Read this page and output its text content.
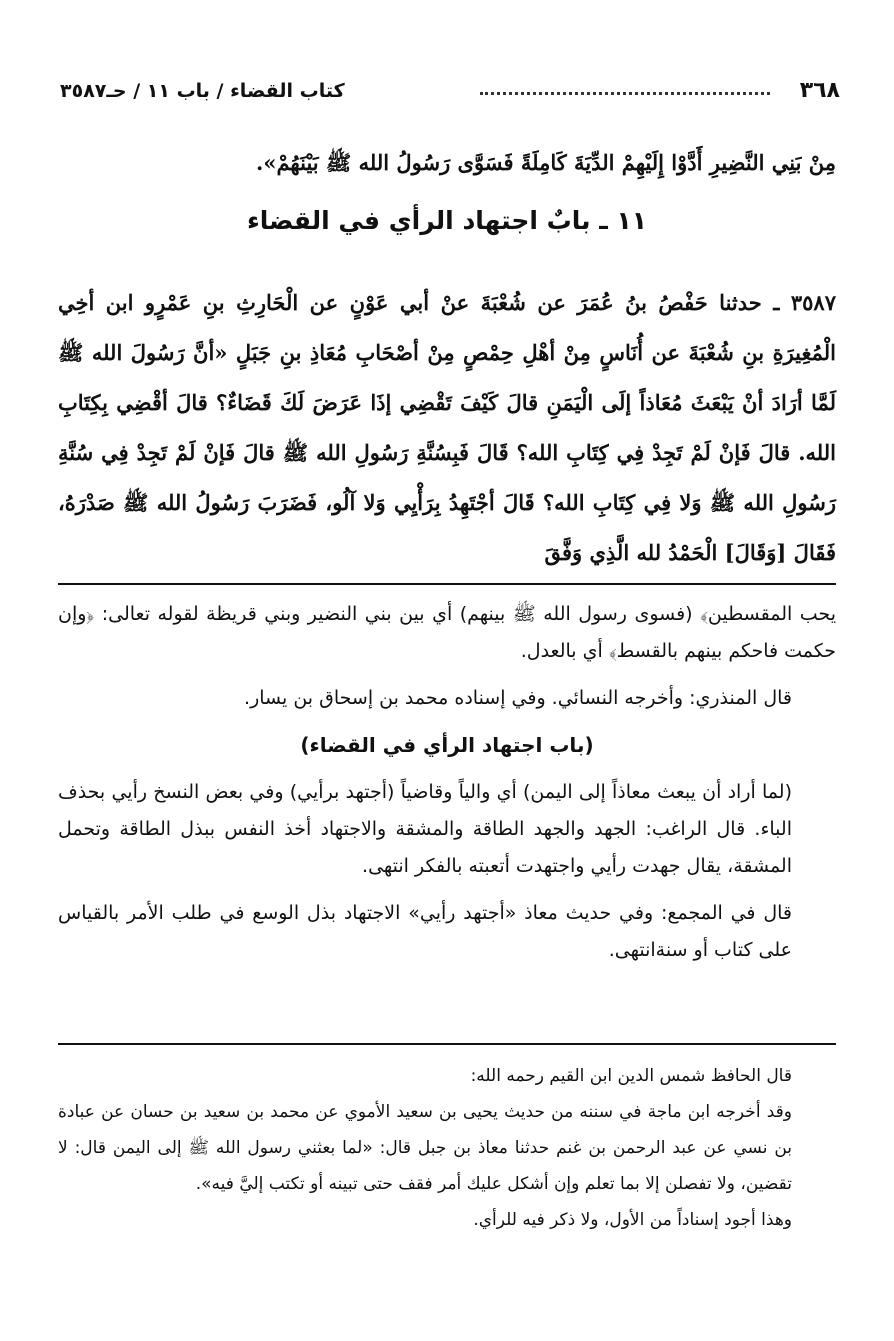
٣٦٨
كتاب القضاء / باب ١١ / حـ٣٥٨٧
مِنْ بَنِي النَّضِيرِ أَدَّوْا إِلَيْهِمْ الدِّيَةَ كَامِلَةً فَسَوَّى رَسُولُ الله ﷺ بَيْنَهُمْ».
١١ ـ بابٌ اجتهاد الرأي في القضاء

٣٥٨٧ ـ حدثنا حَفْصُ بنُ عُمَرَ عن شُعْبَةَ عنْ أبي عَوْنٍ عن الْحَارِثِ بنِ عَمْرٍو ابن أخِي الْمُغِيرَةِ بنِ شُعْبَةَ عن أُنَاسٍ مِنْ أهْلِ حِمْصٍ مِنْ أصْحَابِ مُعَاذِ بنِ جَبَلٍ «أنَّ رَسُولَ الله ﷺ لَمَّا أرَادَ أنْ يَبْعَثَ مُعَاذاً إلَى الْيَمَنِ قالَ كَيْفَ تَقْضِي إذَا عَرَضَ لَكَ قَضَاءٌ؟ قالَ أقْضِي بِكِتَابِ الله. قالَ فَإنْ لَمْ تَجِدْ فِي كِتَابِ الله؟ قَالَ فَبِسُنَّةِ رَسُولِ الله ﷺ قالَ فَإنْ لَمْ تَجِدْ فِي سُنَّةِ رَسُولِ الله ﷺ وَلا فِي كِتَابِ الله؟ قَالَ أجْتَهِدُ بِرَأْيِي وَلا آلُو، فَضَرَبَ رَسُولُ الله ﷺ صَدْرَهُ، فَقَالَ [وَقَالَ] الْحَمْدُ لله الَّذِي وَفَّقَ

يحب المقسطين﴾ (فسوى رسول الله ﷺ بينهم) أي بين بني النضير وبني قريظة لقوله تعالى: ﴿وإن حكمت فاحكم بينهم بالقسط﴾ أي بالعدل.

قال المنذري: وأخرجه النسائي. وفي إسناده محمد بن إسحاق بن يسار.

(باب اجتهاد الرأي في القضاء)

(لما أراد أن يبعث معاذاً إلى اليمن) أي والياً وقاضياً (أجتهد برأيي) وفي بعض النسخ رأيي بحذف الباء. قال الراغب: الجهد والجهد الطاقة والمشقة والاجتهاد أخذ النفس ببذل الطاقة وتحمل المشقة، يقال جهدت رأيي واجتهدت أتعبته بالفكر انتهى.

قال في المجمع: وفي حديث معاذ «أجتهد رأيي» الاجتهاد بذل الوسع في طلب الأمر بالقياس على كتاب أو سنةانتهى.

قال الحافظ شمس الدين ابن القيم رحمه الله:

وقد أخرجه ابن ماجة في سننه من حديث يحيى بن سعيد الأموي عن محمد بن سعيد بن حسان عن عبادة بن نسي عن عبد الرحمن بن غنم حدثنا معاذ بن جبل قال: «لما بعثني رسول الله ﷺ إلى اليمن قال: لا تقضين، ولا تفصلن إلا بما تعلم وإن أشكل عليك أمر فقف حتى تبينه أو تكتب إليَّ فيه».

وهذا أجود إسناداً من الأول، ولا ذكر فيه للرأي.
